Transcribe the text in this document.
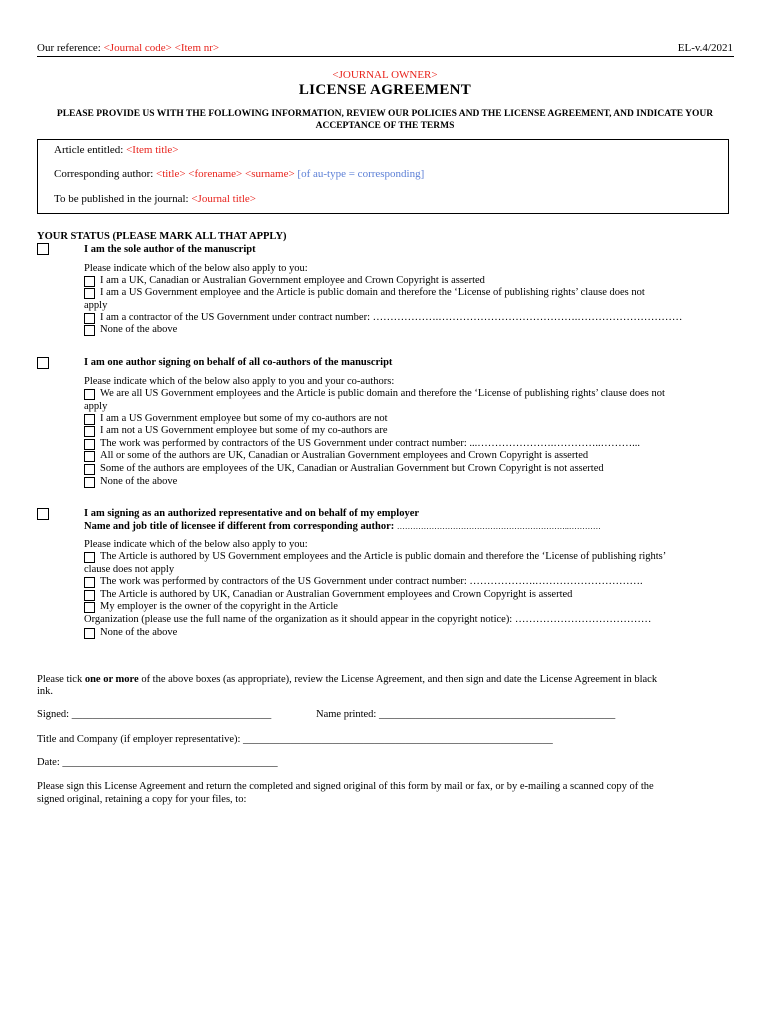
Our reference: <Journal code> <Item nr>	EL-v.4/2021
<JOURNAL OWNER>
LICENSE AGREEMENT
PLEASE PROVIDE US WITH THE FOLLOWING INFORMATION, REVIEW OUR POLICIES AND THE LICENSE AGREEMENT, AND INDICATE YOUR ACCEPTANCE OF THE TERMS
Article entitled: <Item title>
Corresponding author: <title> <forename> <surname> [of au-type = corresponding]
To be published in the journal: <Journal title>
YOUR STATUS (PLEASE MARK ALL THAT APPLY)
I am the sole author of the manuscript
Please indicate which of the below also apply to you:
I am a UK, Canadian or Australian Government employee and Crown Copyright is asserted
I am a US Government employee and the Article is public domain and therefore the ‘License of publishing rights’ clause does not
apply
I am a contractor of the US Government under contract number: ……………….………………………………….…………………………
None of the above
I am one author signing on behalf of all co-authors of the manuscript
Please indicate which of the below also apply to you and your co-authors:
We are all US Government employees and the Article is public domain and therefore the ‘License of publishing rights’ clause does not
apply
I am a US Government employee but some of my co-authors are not
I am not a US Government employee but some of my co-authors are
The work was performed by contractors of the US Government under contract number: ...………………….…………..………...
All or some of the authors are UK, Canadian or Australian Government employees and Crown Copyright is asserted
Some of the authors are employees of the UK, Canadian or Australian Government but Crown Copyright is not asserted
None of the above
I am signing as an authorized representative and on behalf of my employer
Name and job title of licensee if different from corresponding author: ………………………………………………………..…………
Please indicate which of the below also apply to you:
The Article is authored by US Government employees and the Article is public domain and therefore the ‘License of publishing rights’
clause does not apply
The work was performed by contractors of the US Government under contract number: ……………….………………………….
The Article is authored by UK, Canadian or Australian Government employees and Crown Copyright is asserted
My employer is the owner of the copyright in the Article
Organization (please use the full name of the organization as it should appear in the copyright notice): …………………………………
None of the above
Please tick one or more of the above boxes (as appropriate), review the License Agreement, and then sign and date the License Agreement in black
ink.
Signed: ______________________________________	Name printed: _____________________________________________
Title and Company (if employer representative): ___________________________________________________________
Date: _________________________________________
Please sign this License Agreement and return the completed and signed original of this form by mail or fax, or by e-mailing a scanned copy of the
signed original, retaining a copy for your files, to:
